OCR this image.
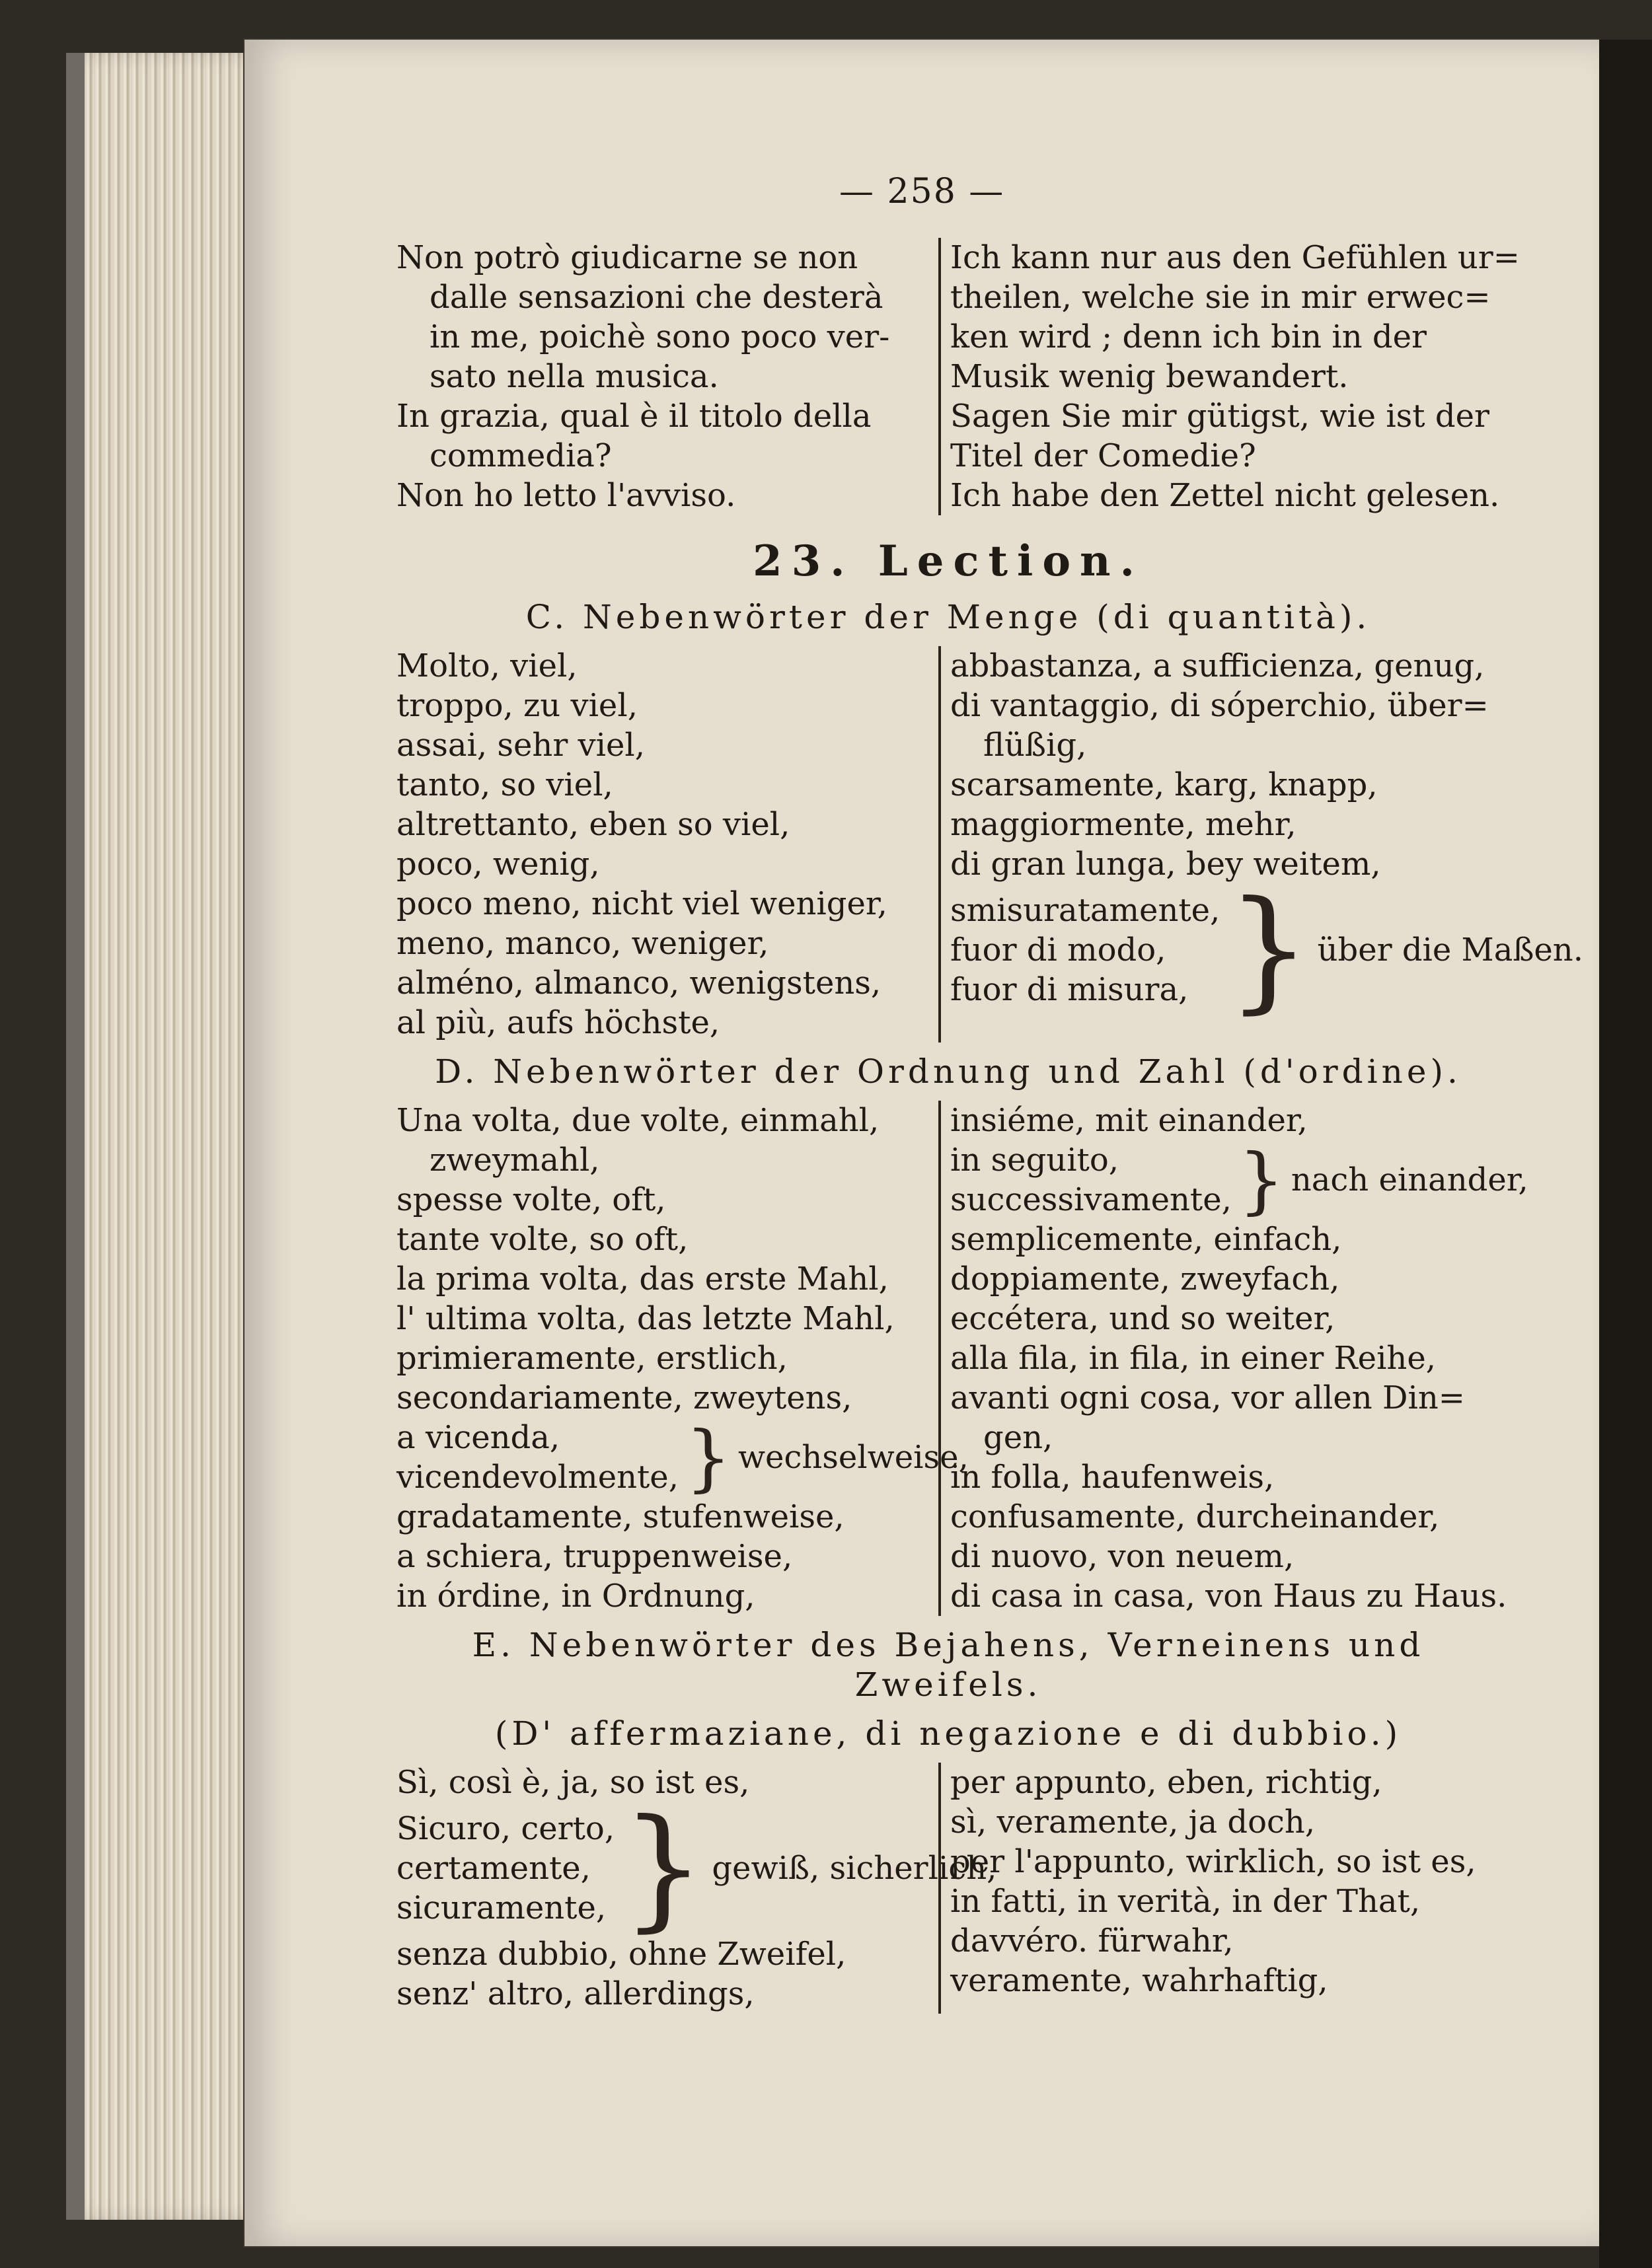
— 258 —
Non potrò giudicarne se non
dalle sensazioni che desterà
in me, poichè sono poco ver-
sato nella musica.
In grazia, qual è il titolo della
commedia?
Non ho letto l'avviso.
Ich kann nur aus den Gefühlen ur=
theilen, welche sie in mir erwec=
ken wird ; denn ich bin in der
Musik wenig bewandert.
Sagen Sie mir gütigst, wie ist der
Titel der Comedie?
Ich habe den Zettel nicht gelesen.
23. Lection.
C. Nebenwörter der Menge (di quantità).
Molto, viel,
troppo, zu viel,
assai, sehr viel,
tanto, so viel,
altrettanto, eben so viel,
poco, wenig,
poco meno, nicht viel weniger,
meno, manco, weniger,
alméno, almanco, wenigstens,
al più, aufs höchste,
abbastanza, a sufficienza, genug,
di vantaggio, di sóperchio, über=
flüßig,
scarsamente, karg, knapp,
maggiormente, mehr,
di gran lunga, bey weitem,
smisuratamente,
fuor di modo,
fuor di misura, } über die Maßen.
D. Nebenwörter der Ordnung und Zahl (d'ordine).
Una volta, due volte, einmahl,
zweymahl,
spesse volte, oft,
tante volte, so oft,
la prima volta, das erste Mahl,
l' ultima volta, das letzte Mahl,
primieramente, erstlich,
secondariamente, zweytens,
a vicenda,
vicendevolmente, } wechselweise,
gradatamente, stufenweise,
a schiera, truppenweise,
in órdine, in Ordnung,
insiéme, mit einander,
in seguito,
successivamente, } nach einander,
semplicemente, einfach,
doppiamente, zweyfach,
eccétera, und so weiter,
alla fila, in fila, in einer Reihe,
avanti ogni cosa, vor allen Din=
gen,
in folla, haufenweis,
confusamente, durcheinander,
di nuovo, von neuem,
di casa in casa, von Haus zu Haus.
E. Nebenwörter des Bejahens, Verneinens und
Zweifels.
(D' affermaziane, di negazione e di dubbio.)
Sì, così è, ja, so ist es,
Sicuro, certo,
certamente,
sicuramente, } gewiß, sicherlich,
senza dubbio, ohne Zweifel,
senz' altro, allerdings,
per appunto, eben, richtig,
sì, veramente, ja doch,
per l'appunto, wirklich, so ist es,
in fatti, in verità, in der That,
davvéro. fürwahr,
veramente, wahrhaftig,
